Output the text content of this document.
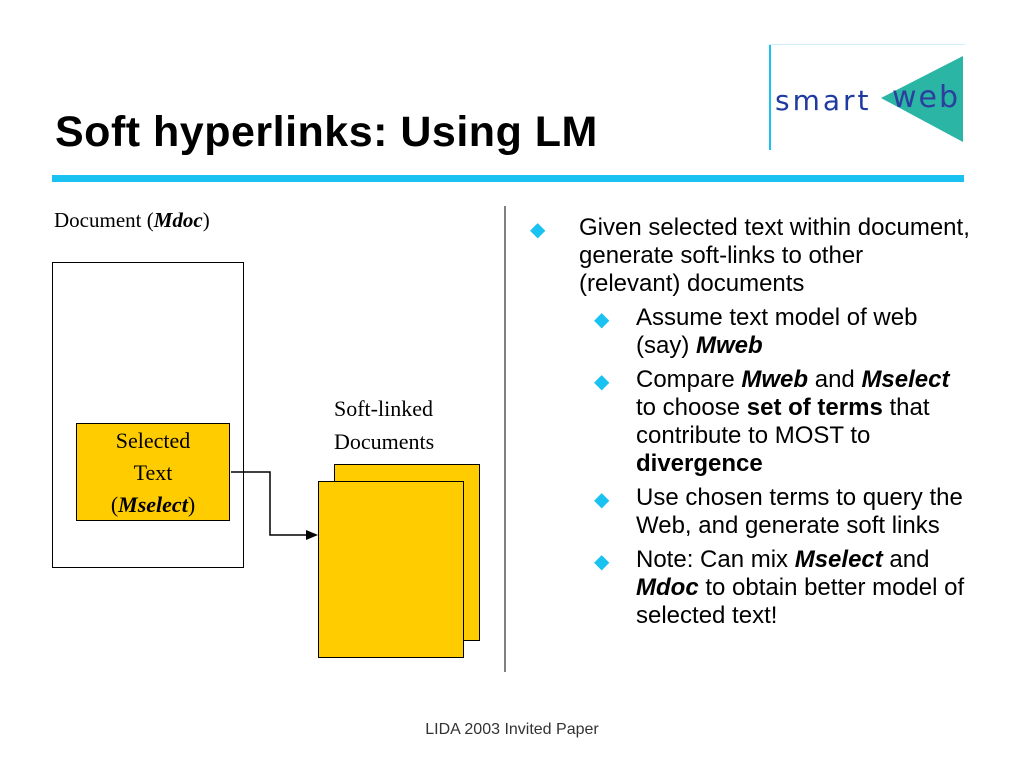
Soft hyperlinks: Using LM
smart web
Document (Mdoc)
Selected
Text
(Mselect)
Soft-linked
Documents
◆ Given selected text within document, generate soft-links to other (relevant) documents
◆ Assume text model of web (say) Mweb
◆ Compare Mweb and Mselect to choose set of terms that contribute to MOST to divergence
◆ Use chosen terms to query the Web, and generate soft links
◆ Note: Can mix Mselect and Mdoc to obtain better model of selected text!
LIDA 2003 Invited Paper
